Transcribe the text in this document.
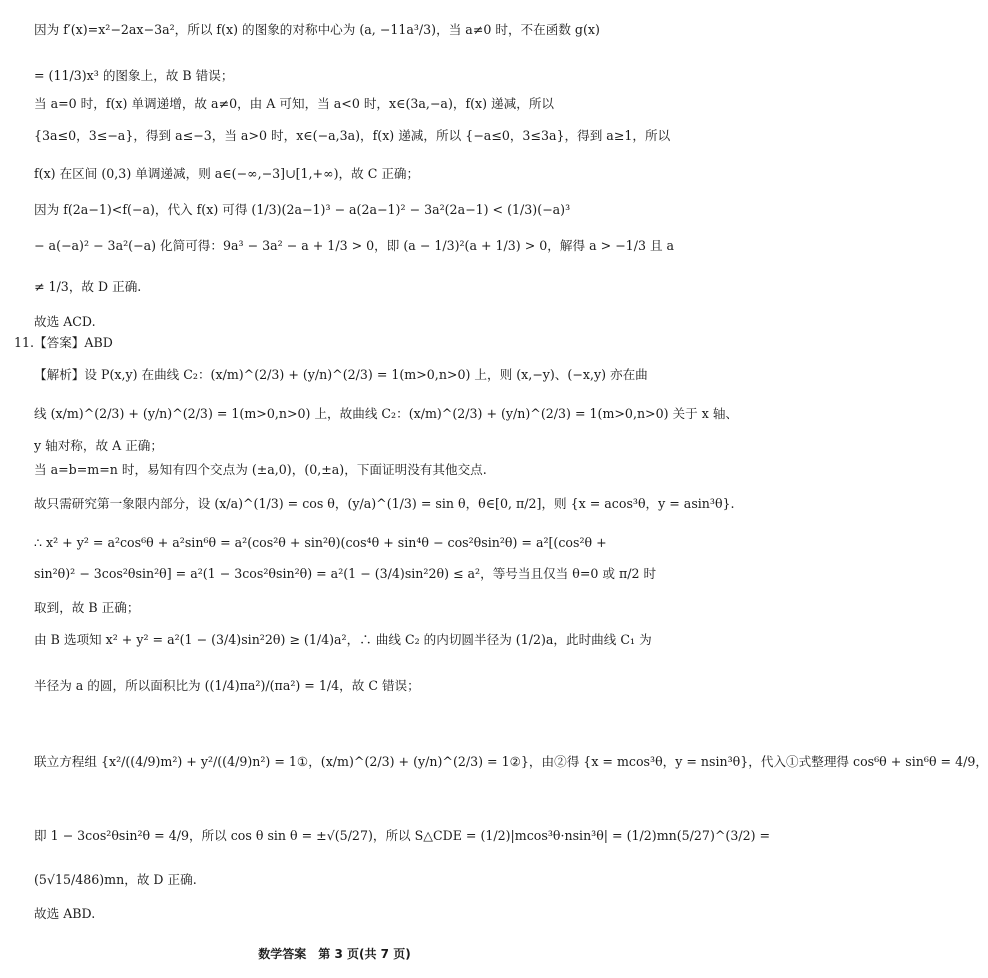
因为 f′(x)=x²−2ax−3a²，所以 f(x) 的图象的对称中心为 (a, −11a³/3)，当 a≠0 时，不在函数 g(x)
= (11/3)x³ 的图象上，故 B 错误；
当 a=0 时，f(x) 单调递增，故 a≠0，由 A 可知，当 a<0 时，x∈(3a,−a)，f(x) 递减，所以
{3a≤0，3≤−a}，得到 a≤−3，当 a>0 时，x∈(−a,3a)，f(x) 递减，所以 {−a≤0，3≤3a}，得到 a≥1，所以
f(x) 在区间 (0,3) 单调递减，则 a∈(−∞,−3]∪[1,+∞)，故 C 正确；
因为 f(2a−1)<f(−a)，代入 f(x) 可得 (1/3)(2a−1)³ − a(2a−1)² − 3a²(2a−1) < (1/3)(−a)³
− a(−a)² − 3a²(−a) 化简可得：9a³ − 3a² − a + 1/3 > 0，即 (a − 1/3)²(a + 1/3) > 0，解得 a > −1/3 且 a
≠ 1/3，故 D 正确.
故选 ACD.
11.【答案】ABD
【解析】设 P(x,y) 在曲线 C₂：(x/m)^(2/3) + (y/n)^(2/3) = 1(m>0,n>0) 上，则 (x,−y)、(−x,y) 亦在曲
线 (x/m)^(2/3) + (y/n)^(2/3) = 1(m>0,n>0) 上，故曲线 C₂：(x/m)^(2/3) + (y/n)^(2/3) = 1(m>0,n>0) 关于 x 轴、
y 轴对称，故 A 正确；
当 a=b=m=n 时，易知有四个交点为 (±a,0)，(0,±a)，下面证明没有其他交点.
故只需研究第一象限内部分，设 (x/a)^(1/3) = cos θ，(y/a)^(1/3) = sin θ，θ∈[0, π/2]，则 {x = acos³θ，y = asin³θ}.
∴ x² + y² = a²cos⁶θ + a²sin⁶θ = a²(cos²θ + sin²θ)(cos⁴θ + sin⁴θ − cos²θsin²θ) = a²[(cos²θ +
sin²θ)² − 3cos²θsin²θ] = a²(1 − 3cos²θsin²θ) = a²(1 − (3/4)sin²2θ) ≤ a²，等号当且仅当 θ=0 或 π/2 时
取到，故 B 正确；
由 B 选项知 x² + y² = a²(1 − (3/4)sin²2θ) ≥ (1/4)a²，∴ 曲线 C₂ 的内切圆半径为 (1/2)a，此时曲线 C₁ 为
半径为 a 的圆，所以面积比为 ((1/4)πa²)/(πa²) = 1/4，故 C 错误；
联立方程组 {x²/((4/9)m²) + y²/((4/9)n²) = 1①，(x/m)^(2/3) + (y/n)^(2/3) = 1②}，由②得 {x = mcos³θ，y = nsin³θ}，代入①式整理得 cos⁶θ + sin⁶θ = 4/9，
即 1 − 3cos²θsin²θ = 4/9，所以 cos θ sin θ = ±√(5/27)，所以 S△CDE = (1/2)|mcos³θ·nsin³θ| = (1/2)mn(5/27)^(3/2) =
(5√15/486)mn，故 D 正确.
故选 ABD.
数学答案　第 3 页(共 7 页)
